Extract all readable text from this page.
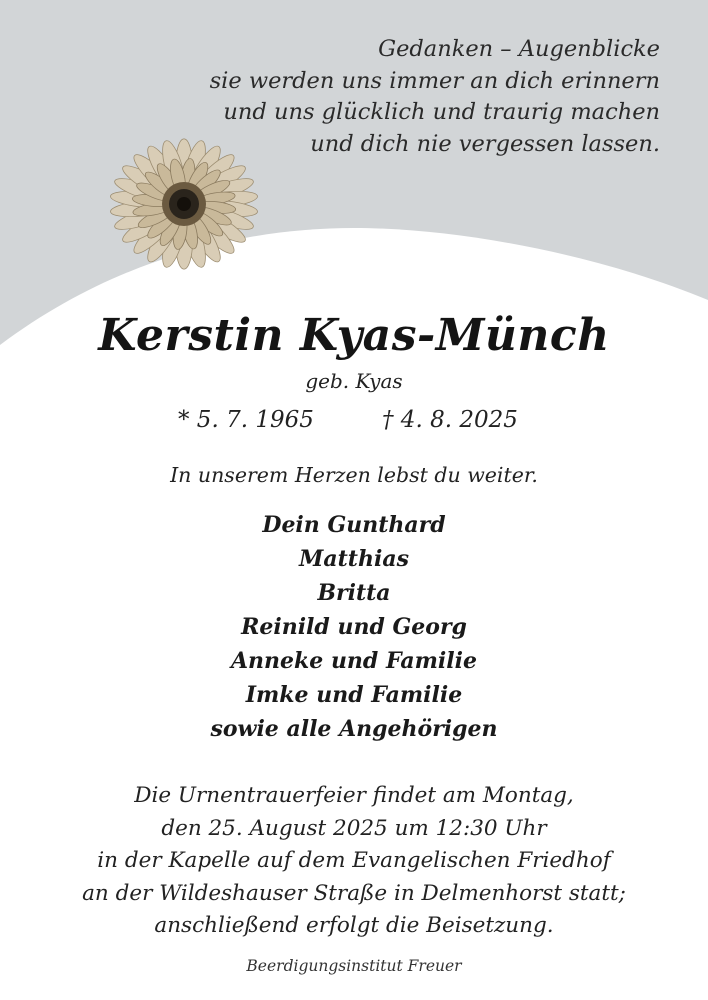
Gedanken – Augenblicke
sie werden uns immer an dich erinnern
und uns glücklich und traurig machen
und dich nie vergessen lassen.
Kerstin Kyas-Münch
geb. Kyas
* 5. 7. 1965	† 4. 8. 2025
In unserem Herzen lebst du weiter.
Dein Gunthard
Matthias
Britta
Reinild und Georg
Anneke und Familie
Imke und Familie
sowie alle Angehörigen
Die Urnentrauerfeier findet am Montag,
den 25. August 2025 um 12:30 Uhr
in der Kapelle auf dem Evangelischen Friedhof
an der Wildeshauser Straße in Delmenhorst statt;
anschließend erfolgt die Beisetzung.
Beerdigungsinstitut Freuer
